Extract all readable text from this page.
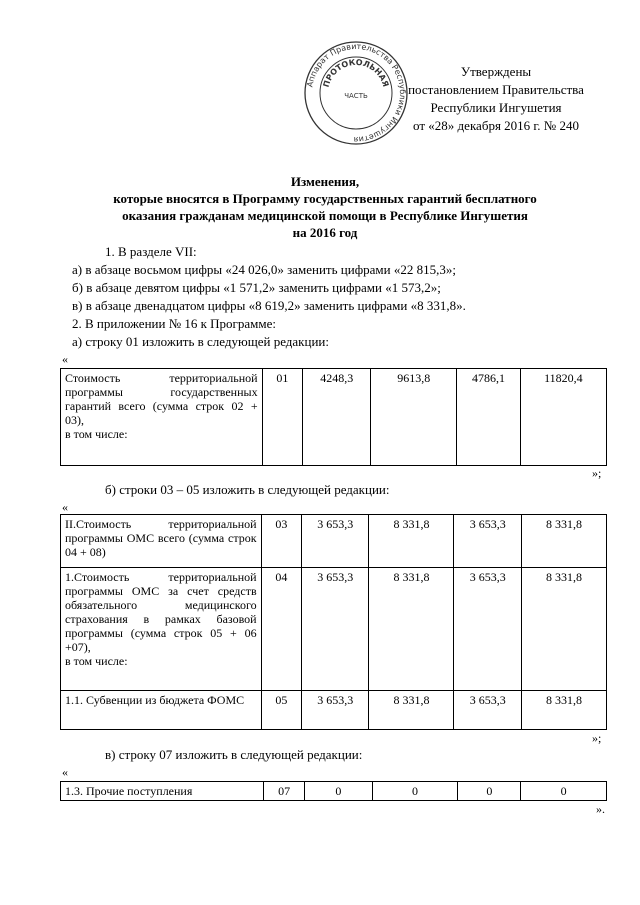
Аппарат Правительства Республики Ингушетия
ПРОТОКОЛЬНАЯ
ЧАСТЬ
Утверждены
постановлением Правительства
Республики Ингушетия
от «28» декабря 2016 г. № 240
Изменения,
которые вносятся в Программу государственных гарантий бесплатного
оказания гражданам медицинской помощи в Республике Ингушетия
на 2016 год
1. В разделе VII:
а) в абзаце восьмом цифры «24 026,0» заменить цифрами «22 815,3»;
б) в абзаце девятом цифры «1 571,2» заменить цифрами «1 573,2»;
в) в абзаце двенадцатом цифры «8 619,2» заменить цифрами «8 331,8».
2. В приложении № 16 к Программе:
а) строку 01 изложить в следующей редакции:
«
Стоимость территориальной программы государственных гарантий всего (сумма строк 02 + 03),
в том числе:	01	4248,3	9613,8	4786,1	11820,4
»;
б) строки 03 – 05 изложить в следующей редакции:
«
II.Стоимость территориальной программы ОМС всего (сумма строк 04 + 08)	03	3 653,3	8 331,8	3 653,3	8 331,8
1.Стоимость территориальной программы ОМС за счет средств обязательного медицинского страхования в рамках базовой программы (сумма строк 05 + 06 +07),
в том числе:	04	3 653,3	8 331,8	3 653,3	8 331,8
1.1. Субвенции из бюджета ФОМС	05	3 653,3	8 331,8	3 653,3	8 331,8
»;
в) строку 07 изложить в следующей редакции:
«
1.3. Прочие поступления	07	0	0	0	0
».
